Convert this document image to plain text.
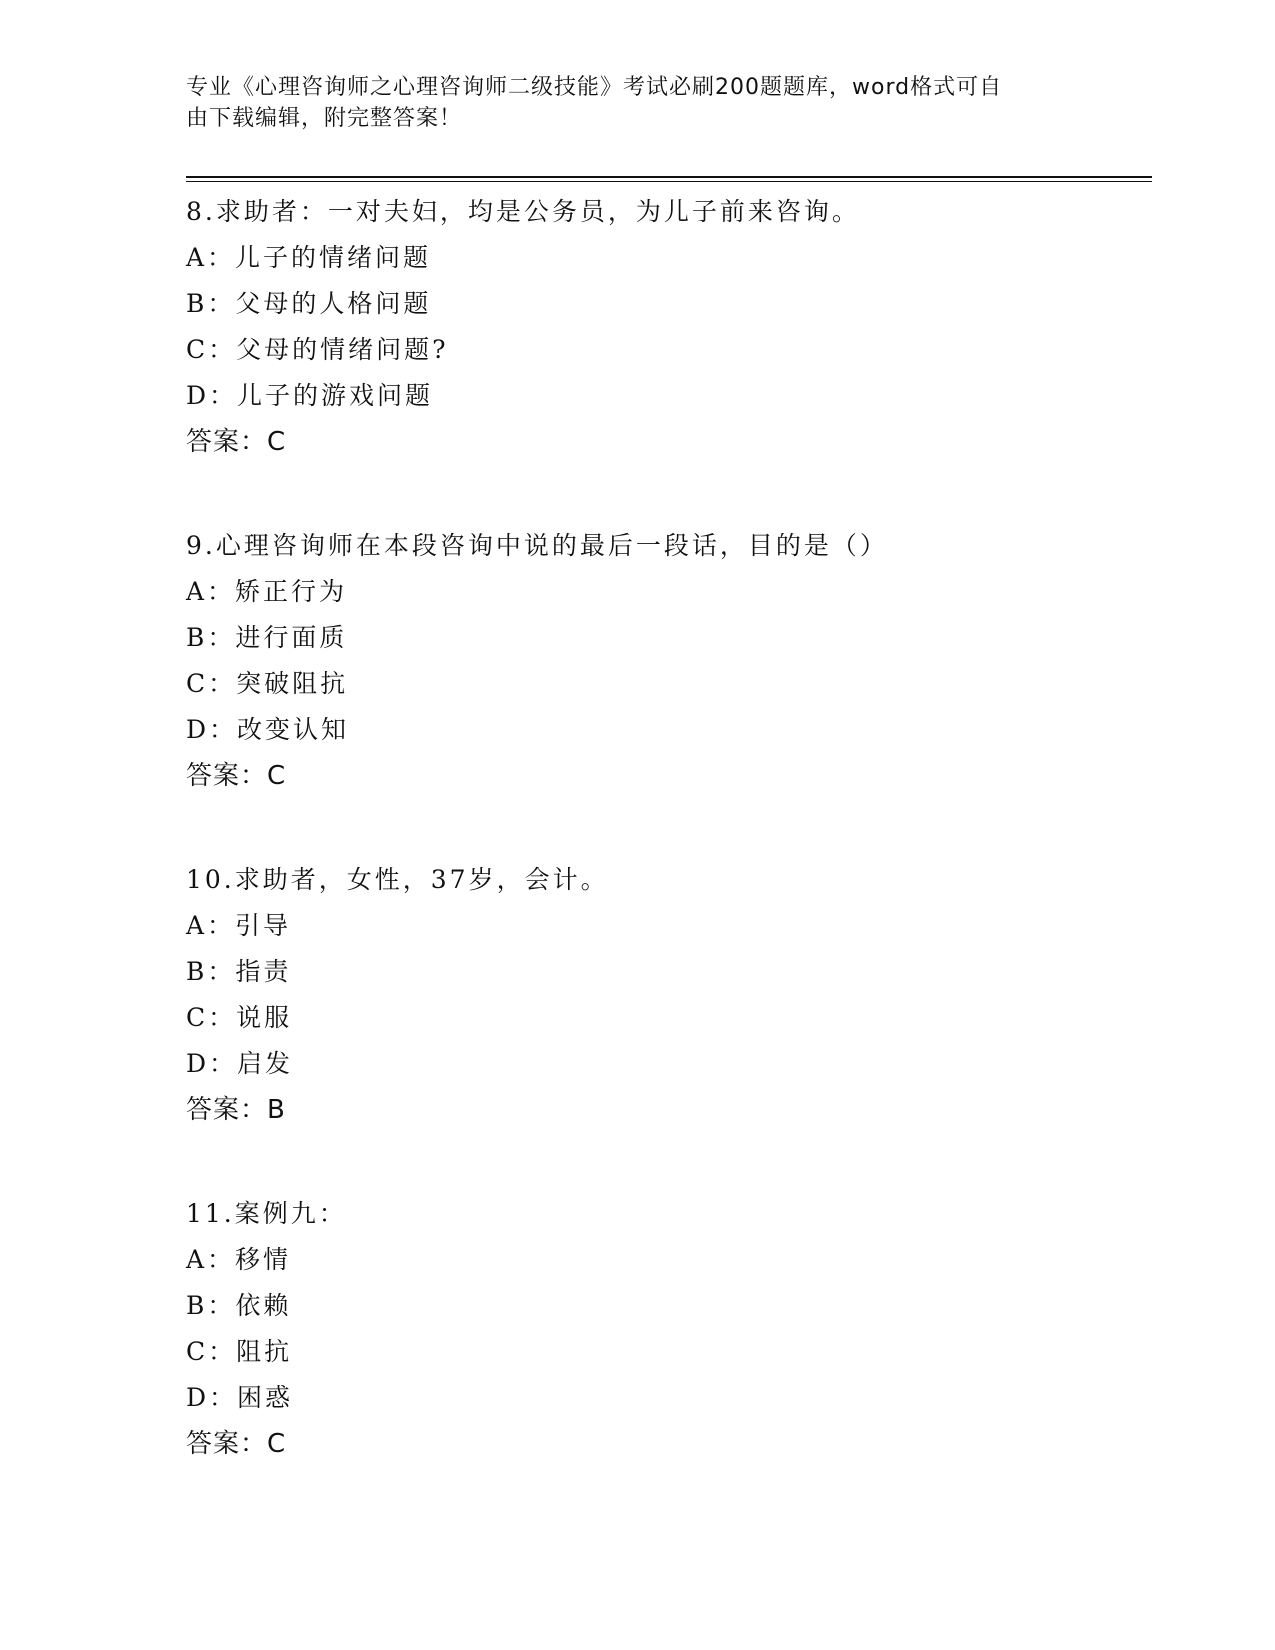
专业《心理咨询师之心理咨询师二级技能》考试必刷200题题库，word格式可自
由下载编辑，附完整答案！
8.求助者：一对夫妇，均是公务员，为儿子前来咨询。
A：儿子的情绪问题
B：父母的人格问题
C：父母的情绪问题?
D：儿子的游戏问题
答案：C
9.心理咨询师在本段咨询中说的最后一段话，目的是（）
A：矫正行为
B：进行面质
C：突破阻抗
D：改变认知
答案：C
10.求助者，女性，37岁，会计。
A：引导
B：指责
C：说服
D：启发
答案：B
11.案例九：
A：移情
B：依赖
C：阻抗
D：困惑
答案：C
